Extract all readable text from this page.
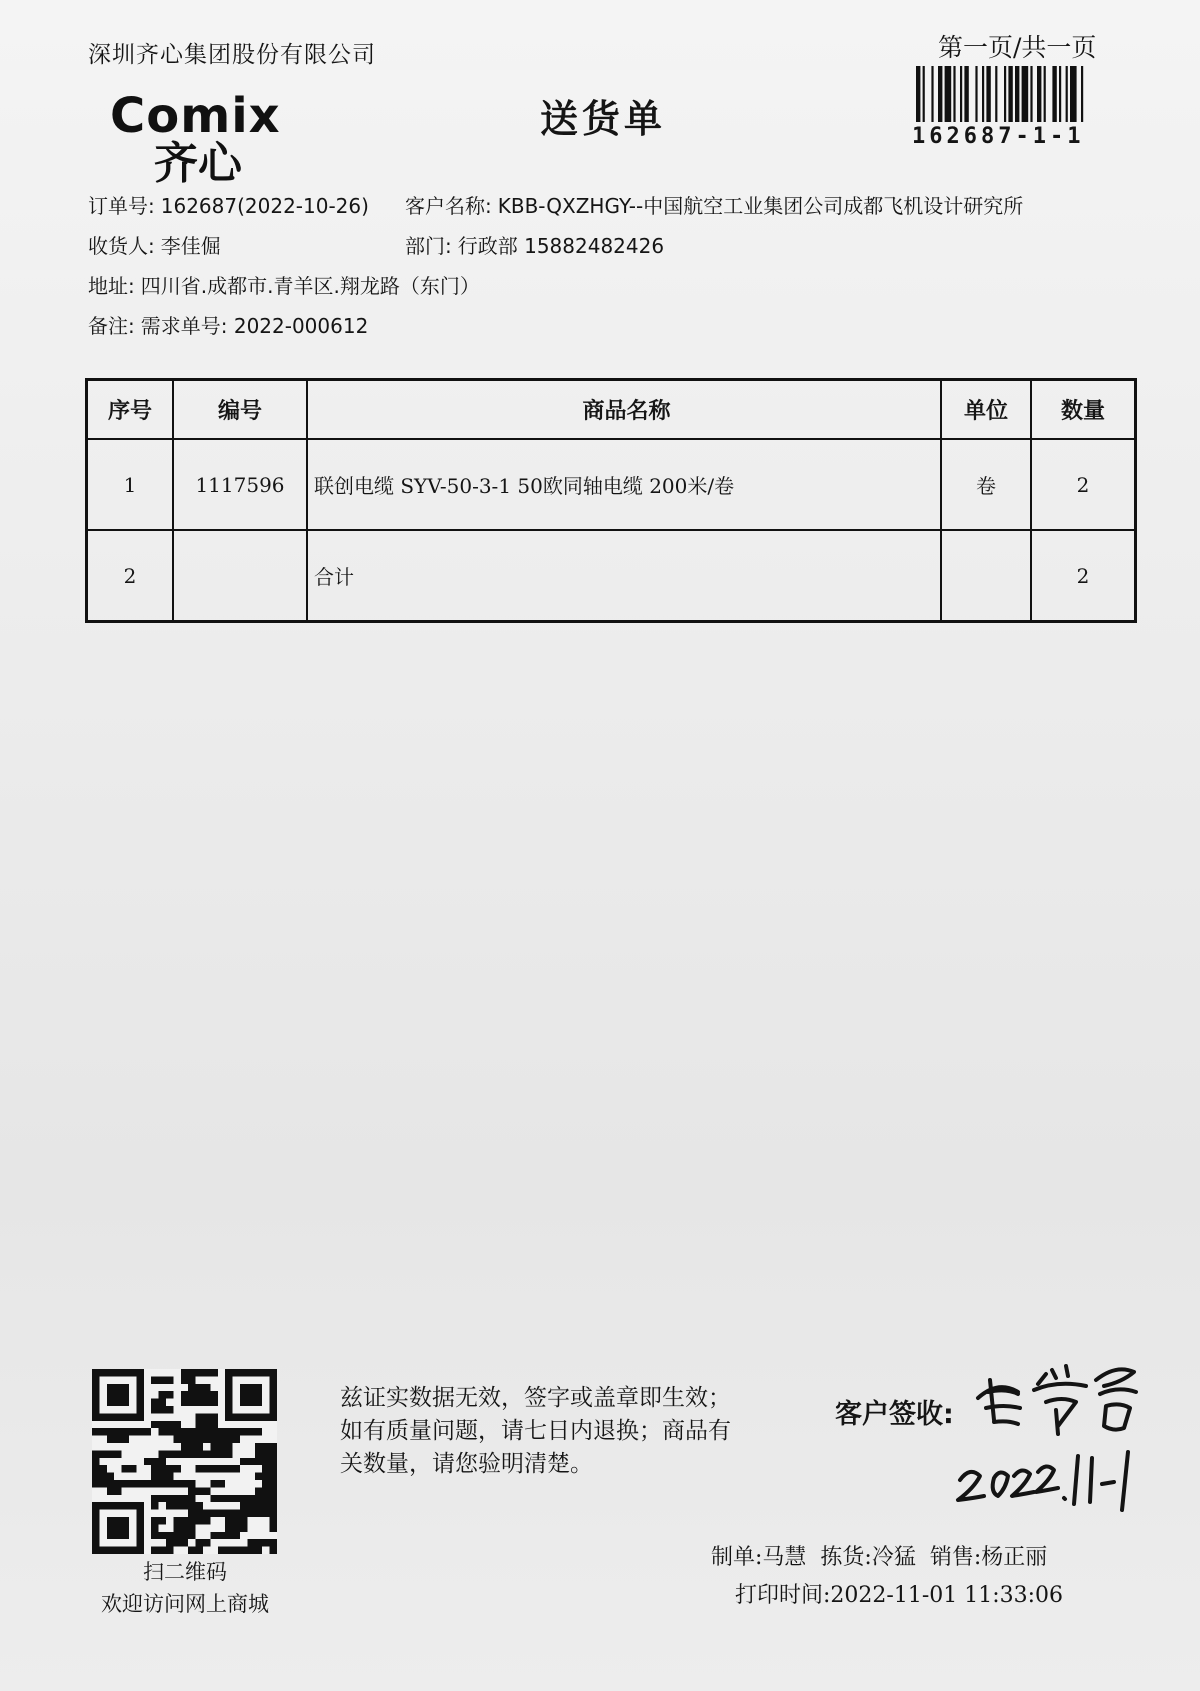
深圳齐心集团股份有限公司	第一页/共一页
162687-1-1
Comix
齐心
送货单
订单号: 162687(2022-10-26) 客户名称: KBB-QXZHGY--中国航空工业集团公司成都飞机设计研究所
收货人: 李佳倔	部门: 行政部 15882482426
地址: 四川省.成都市.青羊区.翔龙路（东门）
备注: 需求单号: 2022-000612
序号	编号	商品名称	单位	数量
1	1117596	联创电缆 SYV-50-3-1 50欧同轴电缆 200米/卷	卷	2
2		合计		2
扫二维码
欢迎访问网上商城
兹证实数据无效，签字或盖章即生效；如有质量问题，请七日内退换；商品有关数量，请您验明清楚。
客户签收:
制单:马慧 拣货:冷猛 销售:杨正丽
打印时间:2022-11-01 11:33:06
